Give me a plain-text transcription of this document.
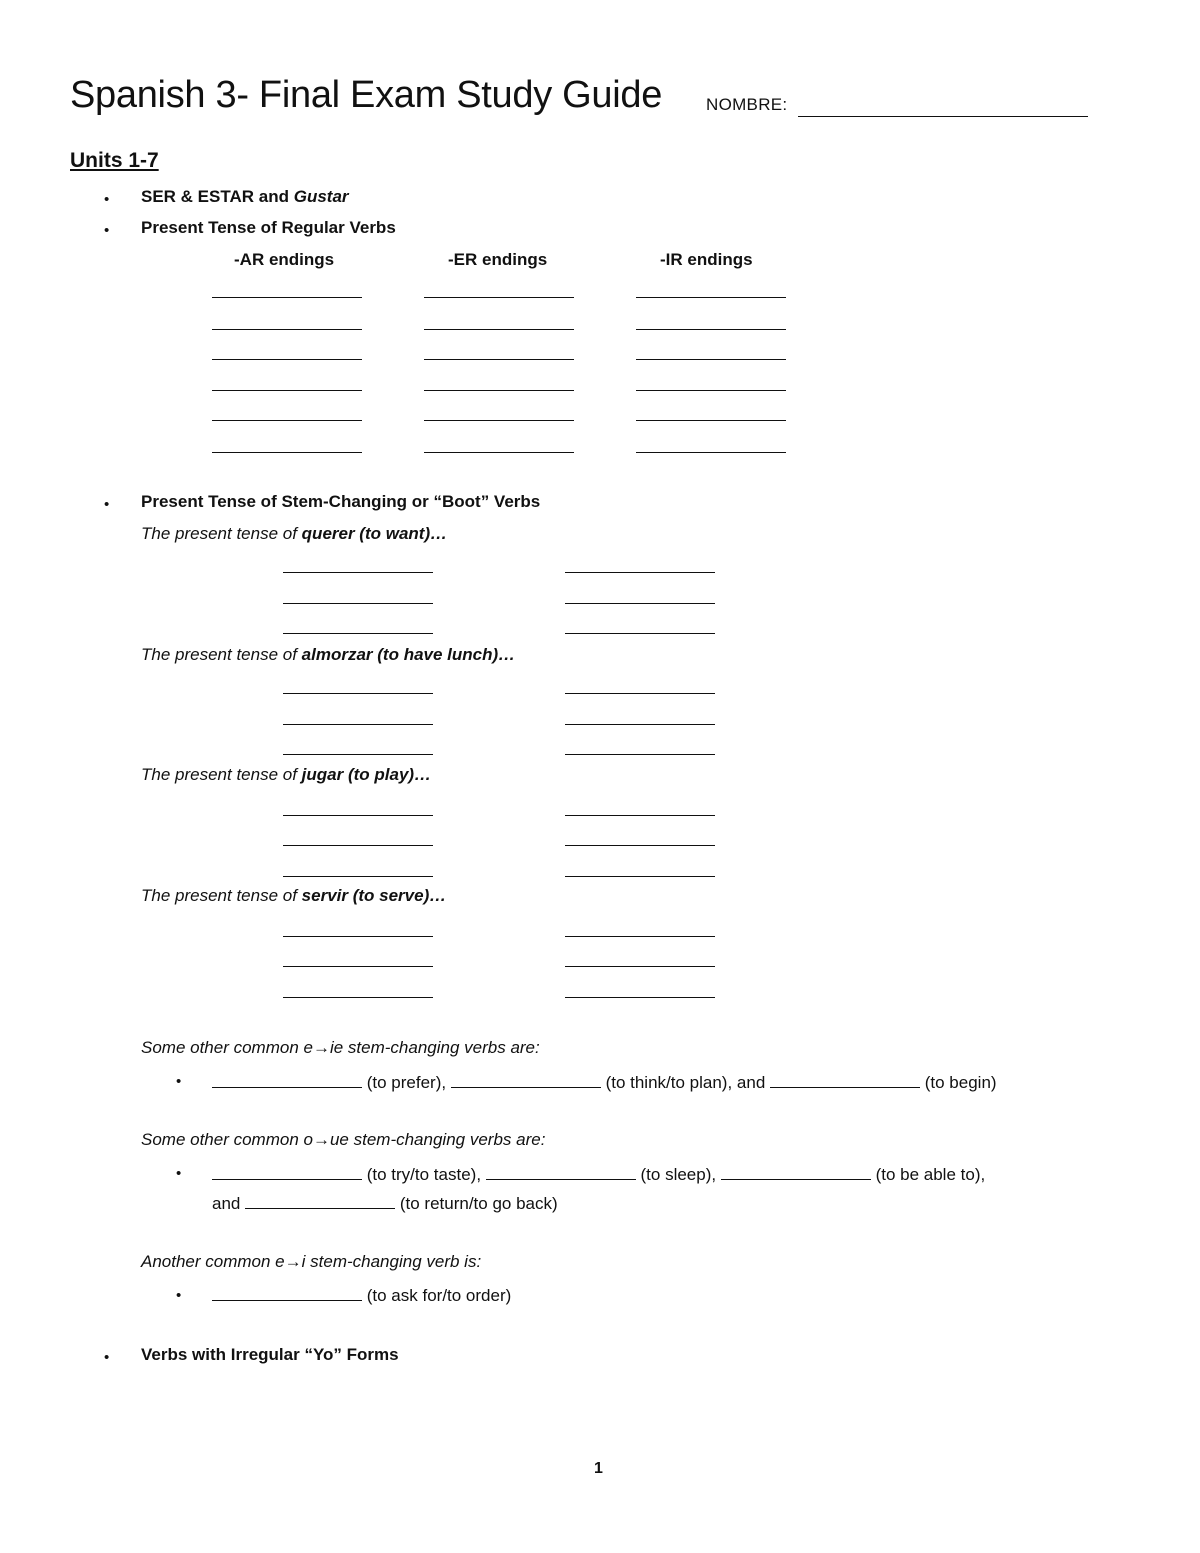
Spanish 3- Final Exam Study Guide	NOMBRE:
Units 1-7
• SER & ESTAR and Gustar
• Present Tense of Regular Verbs
-AR endings	-ER endings	-IR endings
• Present Tense of Stem-Changing or “Boot” Verbs
The present tense of querer (to want)…
The present tense of almorzar (to have lunch)…
The present tense of jugar (to play)…
The present tense of servir (to serve)…
Some other common e→ie stem-changing verbs are:
•	(to prefer),	(to think/to plan), and	(to begin)
Some other common o→ue stem-changing verbs are:
•	(to try/to taste),	(to sleep),	(to be able to),
and	(to return/to go back)
Another common e→i stem-changing verb is:
•	(to ask for/to order)
• Verbs with Irregular “Yo” Forms
1
